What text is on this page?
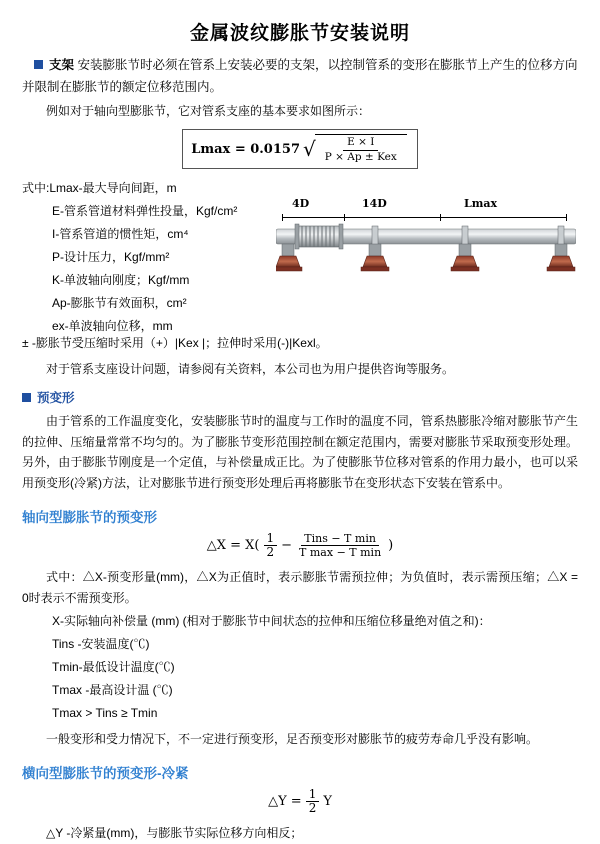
金属波纹膨胀节安装说明
支架 安装膨胀节时必须在管系上安装必要的支架，以控制管系的变形在膨胀节上产生的位移方向并限制在膨胀节的额定位移范围内。
例如对于轴向型膨胀节，它对管系支座的基本要求如图所示：
Lmax = 0.0157 √ $\frac{E \times I}{\text{P × Ap ± Kex}}$
式中:Lmax-最大导向间距，m
E-管系管道材料弹性投量，Kgf/cm²
I-管系管道的惯性矩，cm⁴
P-设计压力，Kgf/mm²
K-单波轴向刚度；Kgf/mm
Ap-膨胀节有效面积，cm²
ex-单波轴向位移，mm
4D	14D	Lmax
± -膨胀节受压缩时采用（+）|Kex |；拉伸时采用(-)|Kexl。
对于管系支座设计问题，请参阅有关资料，本公司也为用户提供咨询等服务。
预变形
由于管系的工作温度变化，安装膨胀节时的温度与工作时的温度不同，管系热膨胀冷缩对膨胀节产生的拉伸、压缩量常常不均匀的。为了膨胀节变形范围控制在额定范围内，需要对膨胀节采取预变形处理。另外，由于膨胀节刚度是一个定值，与补偿量成正比。为了使膨胀节位移对管系的作用力最小，也可以采用预变形(冷紧)方法，让对膨胀节进行预变形处理后再将膨胀节在变形状态下安装在管系中。
轴向型膨胀节的预变形
△X = $X( \frac{1}{2} - \frac{\text{Tins − T min}}{\text{T max − T min}}$ )
式中：△X-预变形量(mm)，△X为正值时，表示膨胀节需预拉伸；为负值时，表示需预压缩；△X = 0时表示不需预变形。
X-实际轴向补偿量 (mm) (相对于膨胀节中间状态的拉伸和压缩位移量绝对值之和)：
Tins -安装温度(℃)
Tmin-最低设计温度(℃)
Tmax -最高设计温 (℃)
Tmax > Tins ≥ Tmin
一般变形和受力情况下，不一定进行预变形，足否预变形对膨胀节的疲劳寿命几乎没有影响。
横向型膨胀节的预变形-冷紧
△Y = $\frac{1}{2}$ Y
△Y -冷紧量(mm)，与膨胀节实际位移方向相反；
